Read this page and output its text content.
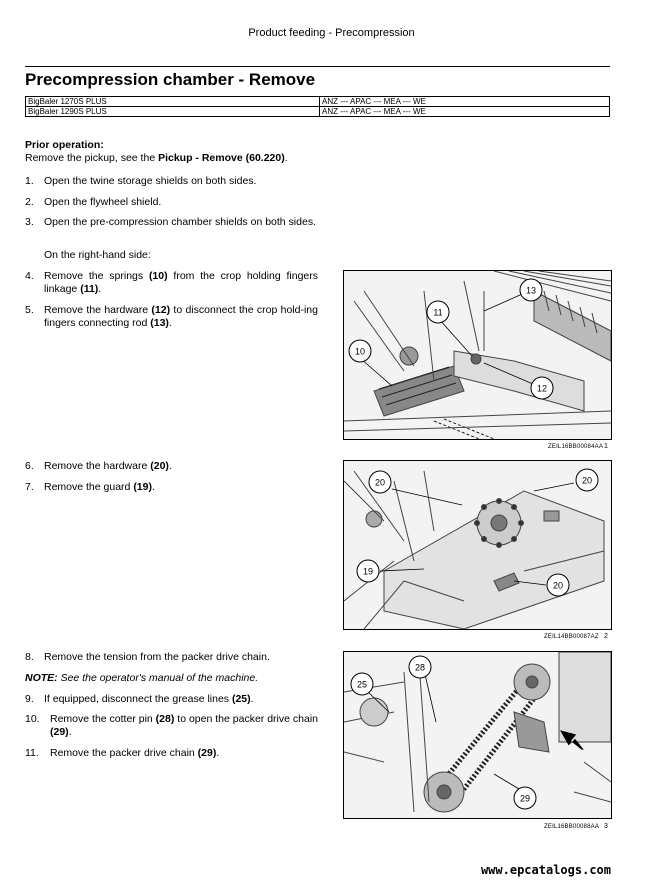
Product feeding - Precompression
Precompression chamber - Remove
BigBaler 1270S PLUS	ANZ --- APAC --- MEA --- WE
BigBaler 1290S PLUS	ANZ --- APAC --- MEA --- WE
Prior operation:
Remove the pickup, see the Pickup - Remove (60.220).
1. Open the twine storage shields on both sides.
2. Open the flywheel shield.
3. Open the pre-compression chamber shields on both sides.
On the right-hand side:
4. Remove the springs (10) from the crop holding fingers linkage (11).
5. Remove the hardware (12) to disconnect the crop hold-ing fingers connecting rod (13).
6. Remove the hardware (20).
7. Remove the guard (19).
8. Remove the tension from the packer drive chain.
NOTE: See the operator's manual of the machine.
9. If equipped, disconnect the grease lines (25).
10. Remove the cotter pin (28) to open the packer drive chain (29).
11. Remove the packer drive chain (29).
11
13
10
12
ZEIL16BB00084AA 1
20	20
19
20
ZEIL14BB00087AZ 2
25
28
29
ZEIL16BB00088AA 3
www.epcatalogs.com
